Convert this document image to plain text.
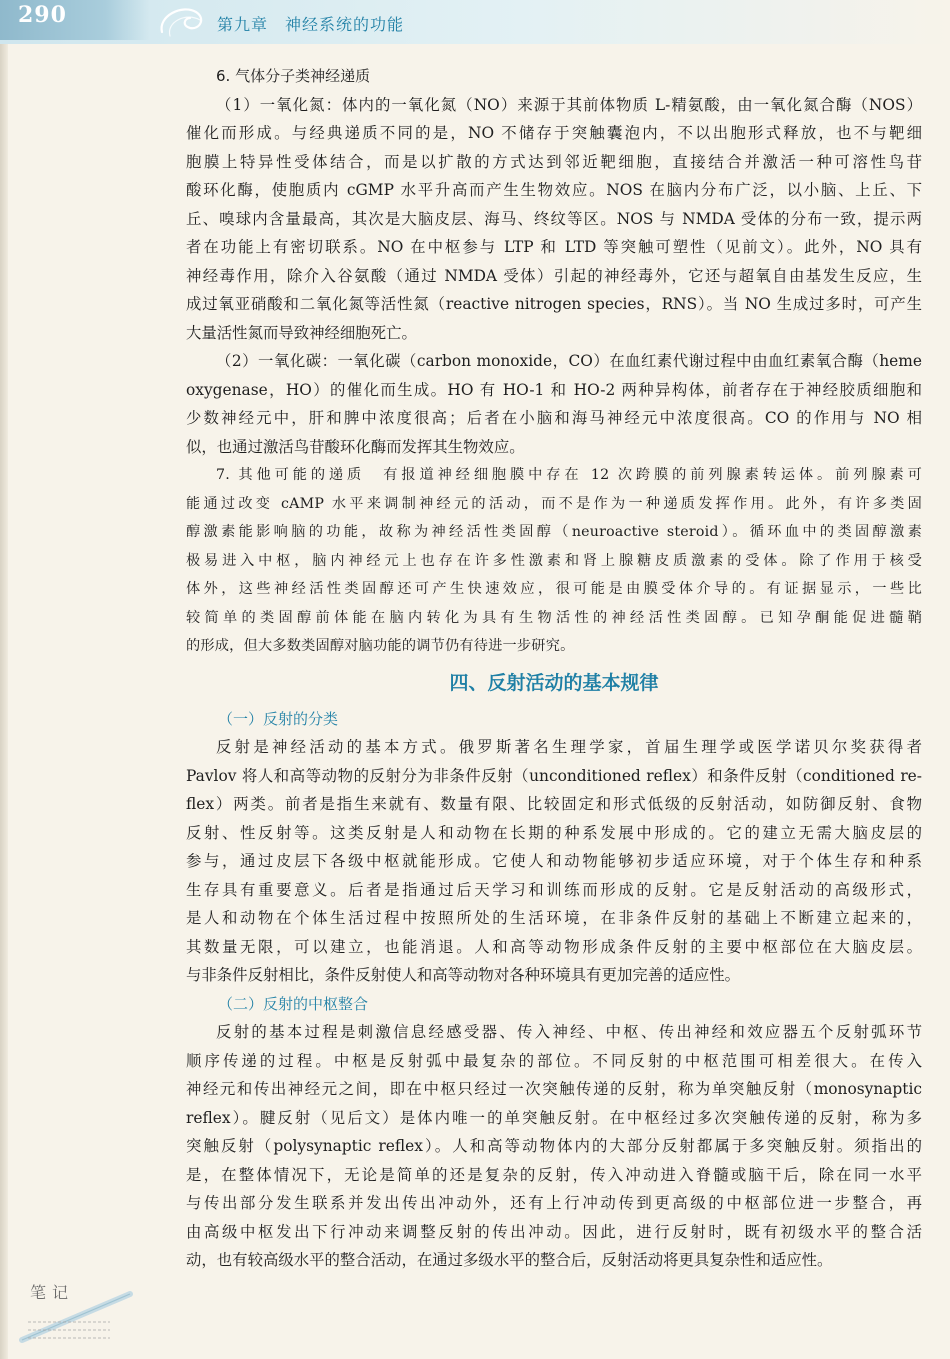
290	第九章　神经系统的功能
6. 气体分子类神经递质
（1）一氧化氮：体内的一氧化氮（NO）来源于其前体物质 L-精氨酸，由一氧化氮合酶（NOS）
催化而形成。与经典递质不同的是，NO 不储存于突触囊泡内，不以出胞形式释放，也不与靶细
胞膜上特异性受体结合，而是以扩散的方式达到邻近靶细胞，直接结合并激活一种可溶性鸟苷
酸环化酶，使胞质内 cGMP 水平升高而产生生物效应。NOS 在脑内分布广泛，以小脑、上丘、下
丘、嗅球内含量最高，其次是大脑皮层、海马、终纹等区。NOS 与 NMDA 受体的分布一致，提示两
者在功能上有密切联系。NO 在中枢参与 LTP 和 LTD 等突触可塑性（见前文）。此外，NO 具有
神经毒作用，除介入谷氨酸（通过 NMDA 受体）引起的神经毒外，它还与超氧自由基发生反应，生
成过氧亚硝酸和二氧化氮等活性氮（reactive nitrogen species，RNS）。当 NO 生成过多时，可产生
大量活性氮而导致神经细胞死亡。
（2）一氧化碳：一氧化碳（carbon monoxide，CO）在血红素代谢过程中由血红素氧合酶（heme
oxygenase，HO）的催化而生成。HO 有 HO-1 和 HO-2 两种异构体，前者存在于神经胶质细胞和
少数神经元中，肝和脾中浓度很高；后者在小脑和海马神经元中浓度很高。CO 的作用与 NO 相
似，也通过激活鸟苷酸环化酶而发挥其生物效应。
7. 其他可能的递质　有报道神经细胞膜中存在 12 次跨膜的前列腺素转运体。前列腺素可
能通过改变 cAMP 水平来调制神经元的活动，而不是作为一种递质发挥作用。此外，有许多类固
醇激素能影响脑的功能，故称为神经活性类固醇（neuroactive steroid）。循环血中的类固醇激素
极易进入中枢，脑内神经元上也存在许多性激素和肾上腺糖皮质激素的受体。除了作用于核受
体外，这些神经活性类固醇还可产生快速效应，很可能是由膜受体介导的。有证据显示，一些比
较简单的类固醇前体能在脑内转化为具有生物活性的神经活性类固醇。已知孕酮能促进髓鞘
的形成，但大多数类固醇对脑功能的调节仍有待进一步研究。
四、反射活动的基本规律
（一）反射的分类
反射是神经活动的基本方式。俄罗斯著名生理学家，首届生理学或医学诺贝尔奖获得者
Pavlov 将人和高等动物的反射分为非条件反射（unconditioned reflex）和条件反射（conditioned re-
flex）两类。前者是指生来就有、数量有限、比较固定和形式低级的反射活动，如防御反射、食物
反射、性反射等。这类反射是人和动物在长期的种系发展中形成的。它的建立无需大脑皮层的
参与，通过皮层下各级中枢就能形成。它使人和动物能够初步适应环境，对于个体生存和种系
生存具有重要意义。后者是指通过后天学习和训练而形成的反射。它是反射活动的高级形式，
是人和动物在个体生活过程中按照所处的生活环境，在非条件反射的基础上不断建立起来的，
其数量无限，可以建立，也能消退。人和高等动物形成条件反射的主要中枢部位在大脑皮层。
与非条件反射相比，条件反射使人和高等动物对各种环境具有更加完善的适应性。
（二）反射的中枢整合
反射的基本过程是刺激信息经感受器、传入神经、中枢、传出神经和效应器五个反射弧环节
顺序传递的过程。中枢是反射弧中最复杂的部位。不同反射的中枢范围可相差很大。在传入
神经元和传出神经元之间，即在中枢只经过一次突触传递的反射，称为单突触反射（monosynaptic
reflex）。腱反射（见后文）是体内唯一的单突触反射。在中枢经过多次突触传递的反射，称为多
突触反射（polysynaptic reflex）。人和高等动物体内的大部分反射都属于多突触反射。须指出的
是，在整体情况下，无论是简单的还是复杂的反射，传入冲动进入脊髓或脑干后，除在同一水平
与传出部分发生联系并发出传出冲动外，还有上行冲动传到更高级的中枢部位进一步整合，再
由高级中枢发出下行冲动来调整反射的传出冲动。因此，进行反射时，既有初级水平的整合活
动，也有较高级水平的整合活动，在通过多级水平的整合后，反射活动将更具复杂性和适应性。
笔记
